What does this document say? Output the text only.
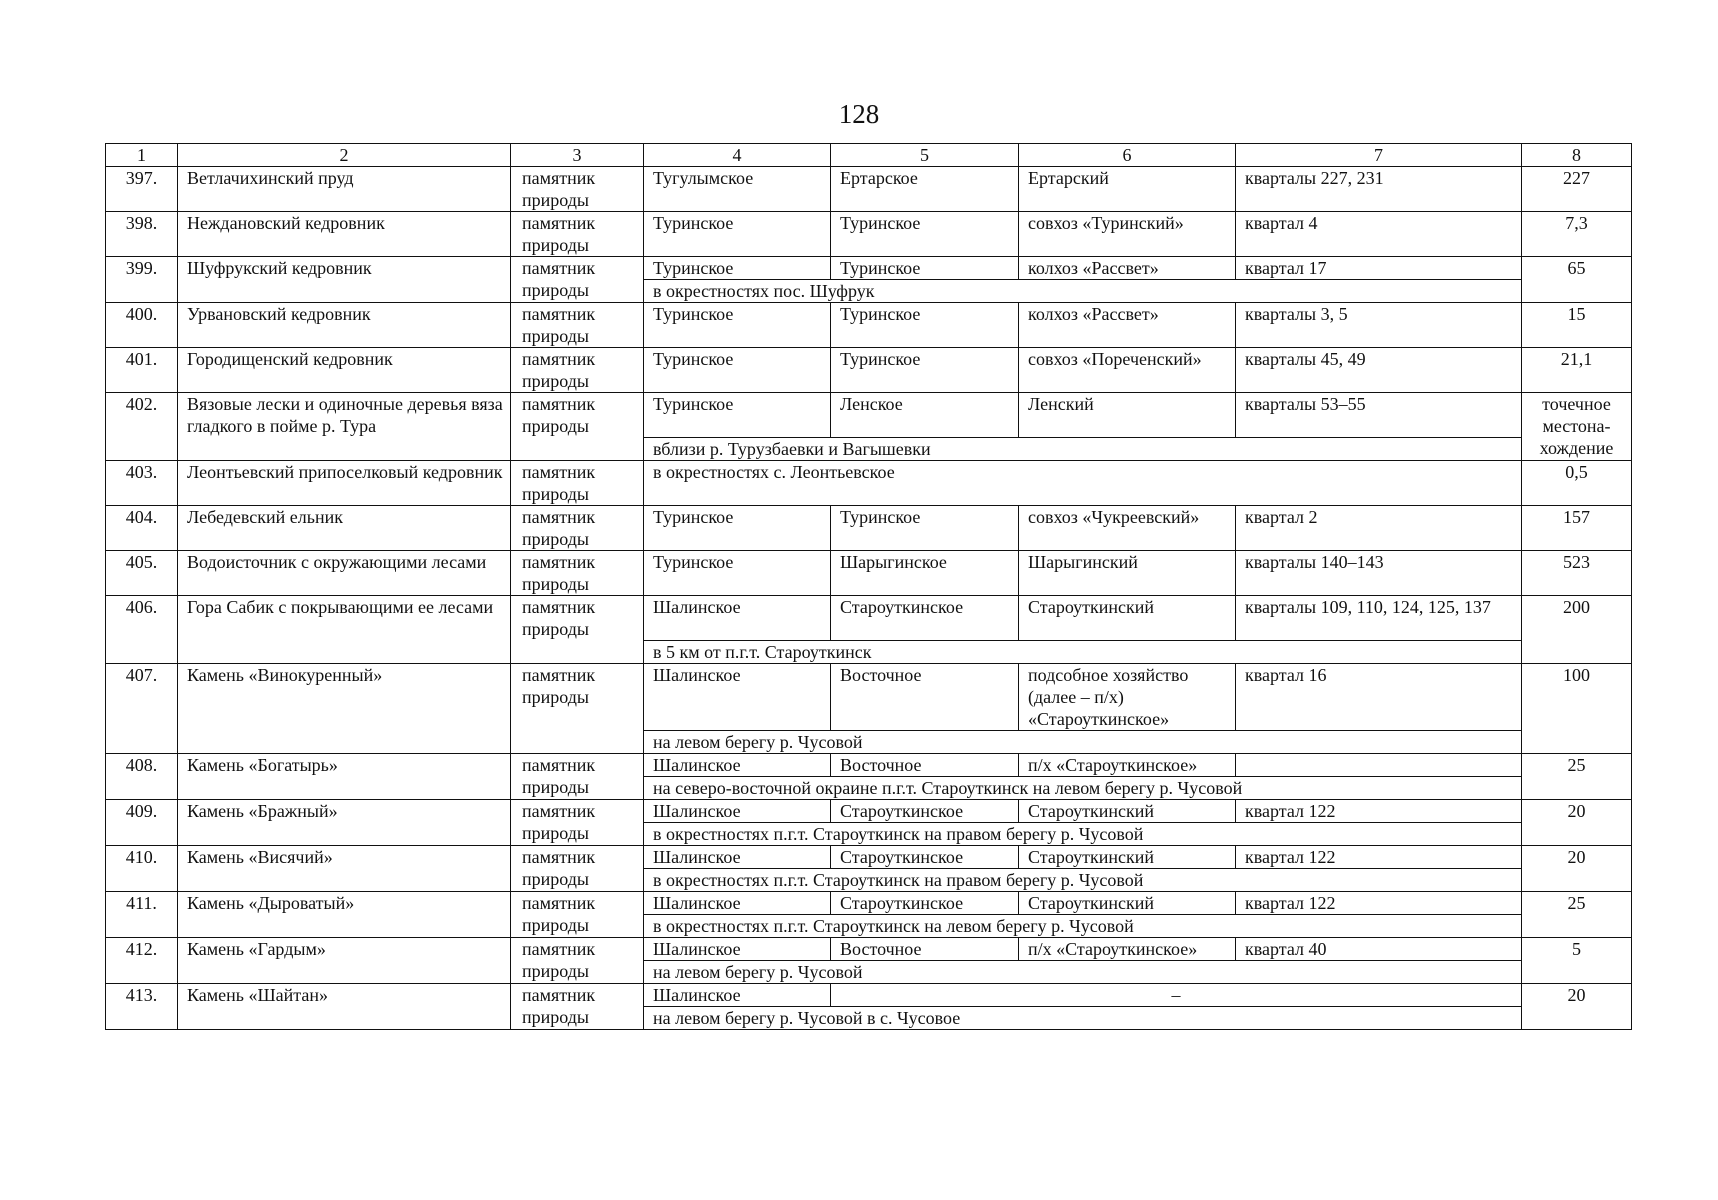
128
1	2	3	4	5	6	7	8
397.	Ветлачихинский пруд	памятник природы	Тугулымское	Ертарское	Ертарский	кварталы 227, 231	227
398.	Неждановский кедровник	памятник природы	Туринское	Туринское	совхоз «Туринский»	квартал 4	7,3
399.	Шуфрукский кедровник	памятник природы	Туринское	Туринское	колхоз «Рассвет»	квартал 17	65
			в окрестностях пос. Шуфрук				
400.	Урвановский кедровник	памятник природы	Туринское	Туринское	колхоз «Рассвет»	кварталы 3, 5	15
401.	Городищенский кедровник	памятник природы	Туринское	Туринское	совхоз «Пореченский»	кварталы 45, 49	21,1
402.	Вязовые лески и одиночные деревья вяза гладкого в пойме р. Тура	памятник природы	Туринское	Ленское	Ленский	кварталы 53–55	точечное местона-хождение
			вблизи р. Турузбаевки и Вагышевки				
403.	Леонтьевский припоселковый кедровник	памятник природы	в окрестностях с. Леонтьевское				0,5
404.	Лебедевский ельник	памятник природы	Туринское	Туринское	совхоз «Чукреевский»	квартал 2	157
405.	Водоисточник с окружающими лесами	памятник природы	Туринское	Шарыгинское	Шарыгинский	кварталы 140–143	523
406.	Гора Сабик с покрывающими ее лесами	памятник природы	Шалинское	Староуткинское	Староуткинский	кварталы 109, 110, 124, 125, 137	200
			в 5 км от п.г.т. Староуткинск				
407.	Камень «Винокуренный»	памятник природы	Шалинское	Восточное	подсобное хозяйство (далее – п/х) «Староуткинское»	квартал 16	100
			на левом берегу р. Чусовой				
408.	Камень «Богатырь»	памятник природы	Шалинское	Восточное	п/х «Староуткинское»		25
			на северо-восточной окраине п.г.т. Староуткинск на левом берегу р. Чусовой				
409.	Камень «Бражный»	памятник природы	Шалинское	Староуткинское	Староуткинский	квартал 122	20
			в окрестностях п.г.т. Староуткинск на правом берегу р. Чусовой				
410.	Камень «Висячий»	памятник природы	Шалинское	Староуткинское	Староуткинский	квартал 122	20
			в окрестностях п.г.т. Староуткинск на правом берегу р. Чусовой				
411.	Камень «Дыроватый»	памятник природы	Шалинское	Староуткинское	Староуткинский	квартал 122	25
			в окрестностях п.г.т. Староуткинск на левом берегу р. Чусовой				
412.	Камень «Гардым»	памятник природы	Шалинское	Восточное	п/х «Староуткинское»	квартал 40	5
			на левом берегу р. Чусовой				
413.	Камень «Шайтан»	памятник природы	Шалинское	–			20
			на левом берегу р. Чусовой в с. Чусовое				
